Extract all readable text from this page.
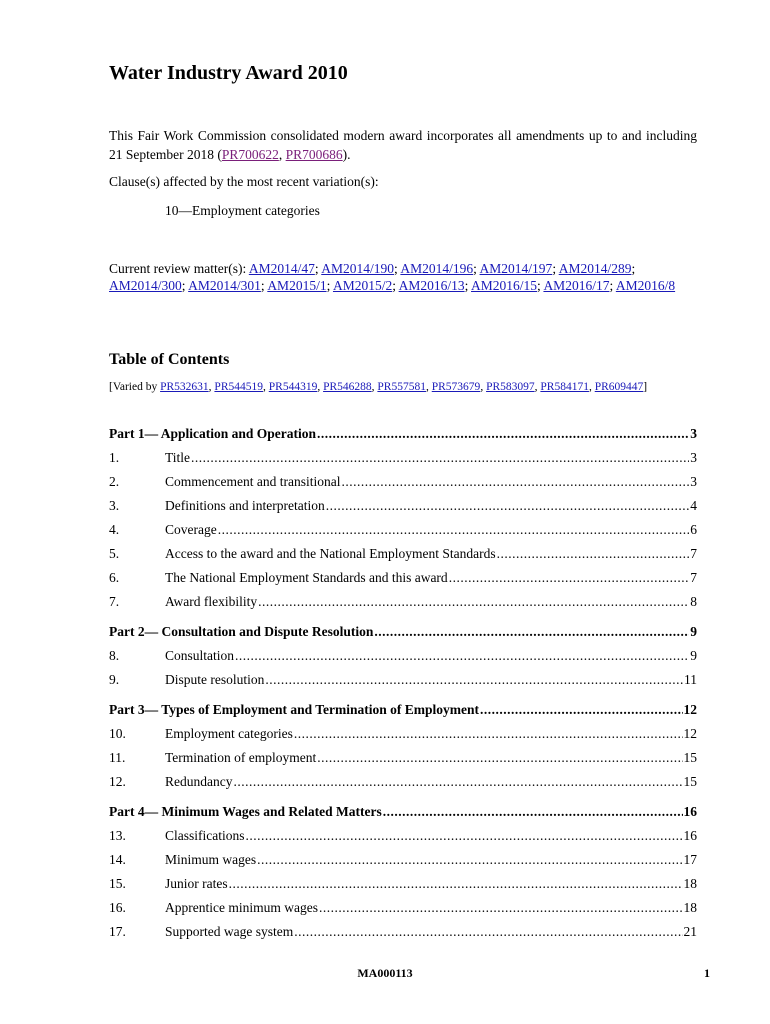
Water Industry Award 2010
This Fair Work Commission consolidated modern award incorporates all amendments up to and including 21 September 2018 (PR700622, PR700686).
Clause(s) affected by the most recent variation(s):
10—Employment categories
Current review matter(s): AM2014/47; AM2014/190; AM2014/196; AM2014/197; AM2014/289; AM2014/300; AM2014/301; AM2015/1; AM2015/2; AM2016/13; AM2016/15; AM2016/17; AM2016/8
Table of Contents
[Varied by PR532631, PR544519, PR544319, PR546288, PR557581, PR573679, PR583097, PR584171, PR609447]
Part 1— Application and Operation .....	3
1.	Title .....	3
2.	Commencement and transitional .....	3
3.	Definitions and interpretation .....	4
4.	Coverage .....	6
5.	Access to the award and the National Employment Standards .....	7
6.	The National Employment Standards and this award .....	7
7.	Award flexibility .....	8
Part 2— Consultation and Dispute Resolution .....	9
8.	Consultation .....	9
9.	Dispute resolution .....	11
Part 3— Types of Employment and Termination of Employment .....	12
10.	Employment categories .....	12
11.	Termination of employment .....	15
12.	Redundancy .....	15
Part 4— Minimum Wages and Related Matters .....	16
13.	Classifications .....	16
14.	Minimum wages .....	17
15.	Junior rates .....	18
16.	Apprentice minimum wages .....	18
17.	Supported wage system .....	21
MA000113	1
